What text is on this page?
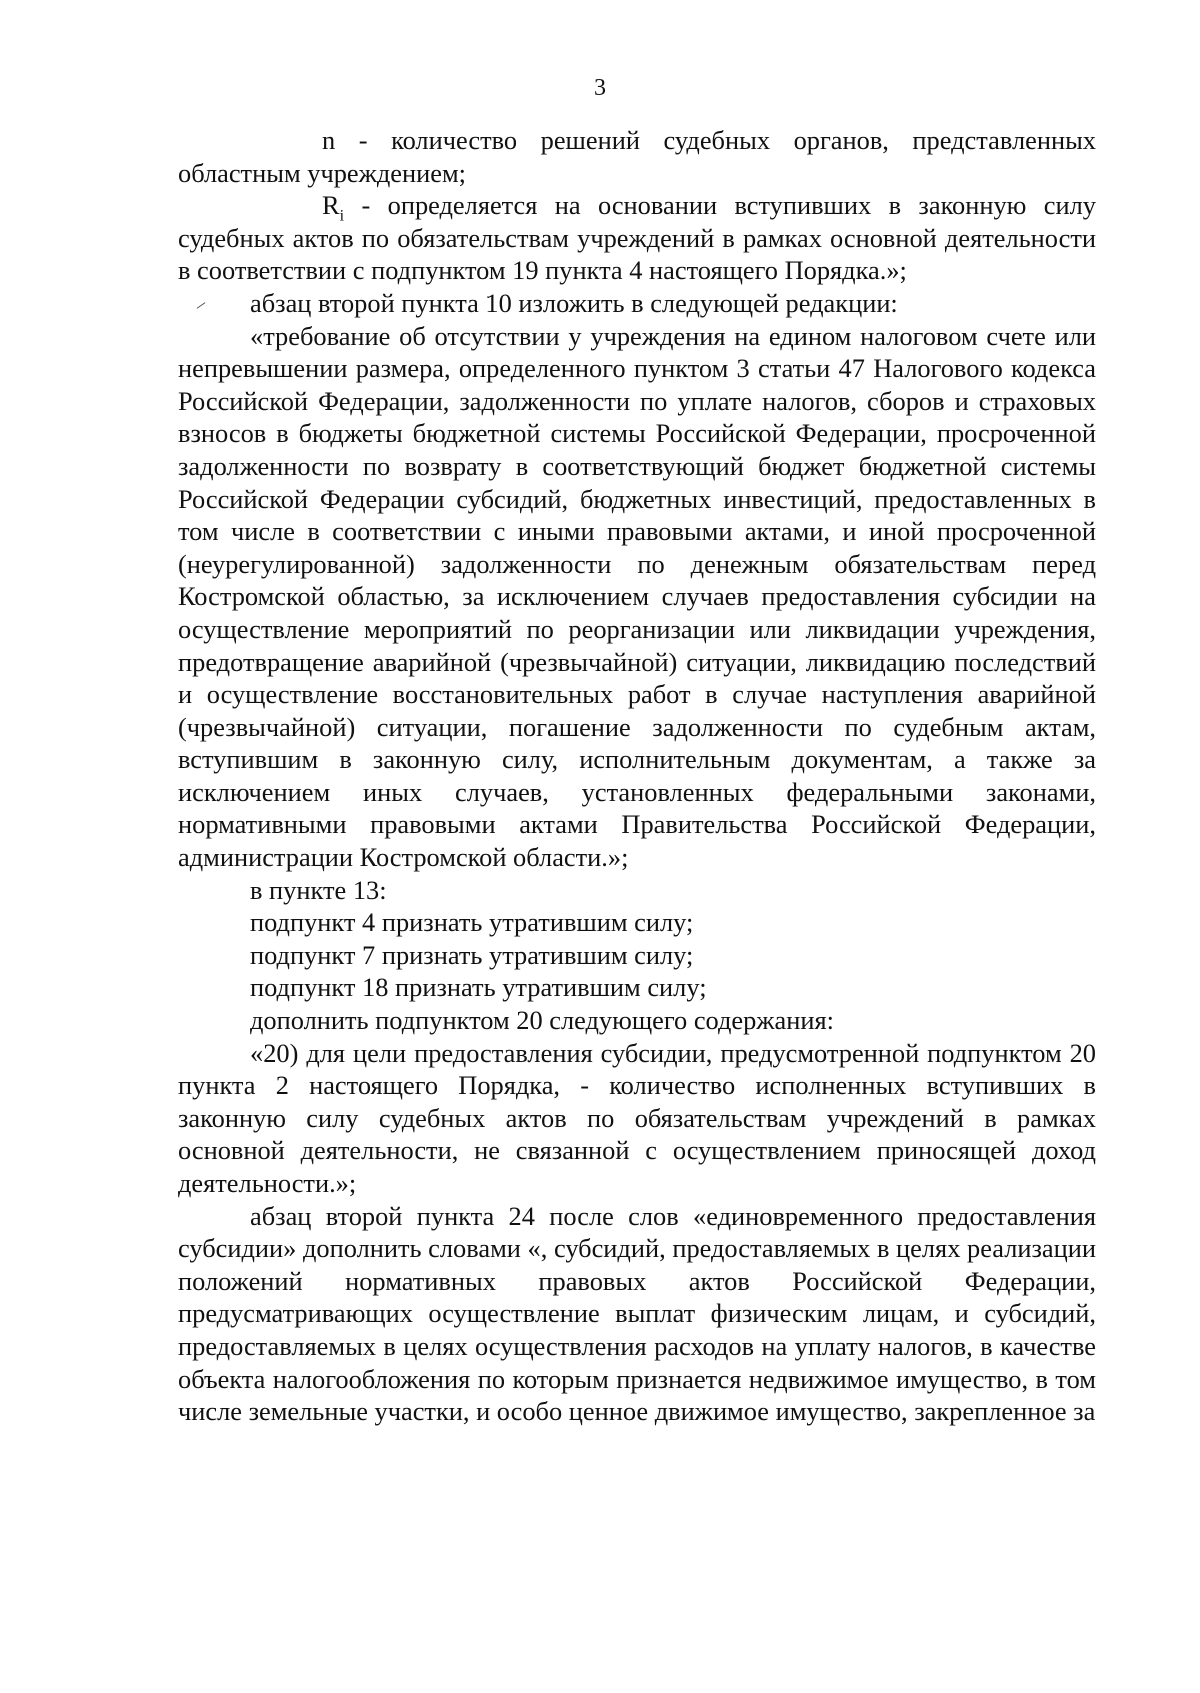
3

n - количество решений судебных органов, представленных областным учреждением;

$R_i$ - определяется на основании вступивших в законную силу судебных актов по обязательствам учреждений в рамках основной деятельности в соответствии с подпунктом 19 пункта 4 настоящего Порядка.»;

абзац второй пункта 10 изложить в следующей редакции:

«требование об отсутствии у учреждения на едином налоговом счете или непревышении размера, определенного пунктом 3 статьи 47 Налогового кодекса Российской Федерации, задолженности по уплате налогов, сборов и страховых взносов в бюджеты бюджетной системы Российской Федерации, просроченной задолженности по возврату в соответствующий бюджет бюджетной системы Российской Федерации субсидий, бюджетных инвестиций, предоставленных в том числе в соответствии с иными правовыми актами, и иной просроченной (неурегулированной) задолженности по денежным обязательствам перед Костромской областью, за исключением случаев предоставления субсидии на осуществление мероприятий по реорганизации или ликвидации учреждения, предотвращение аварийной (чрезвычайной) ситуации, ликвидацию последствий и осуществление восстановительных работ в случае наступления аварийной (чрезвычайной) ситуации, погашение задолженности по судебным актам, вступившим в законную силу, исполнительным документам, а также за исключением иных случаев, установленных федеральными законами, нормативными правовыми актами Правительства Российской Федерации, администрации Костромской области.»;

в пункте 13:

подпункт 4 признать утратившим силу;

подпункт 7 признать утратившим силу;

подпункт 18 признать утратившим силу;

дополнить подпунктом 20 следующего содержания:

«20) для цели предоставления субсидии, предусмотренной подпунктом 20 пункта 2 настоящего Порядка, - количество исполненных вступивших в законную силу судебных актов по обязательствам учреждений в рамках основной деятельности, не связанной с осуществлением приносящей доход деятельности.»;

абзац второй пункта 24 после слов «единовременного предоставления субсидии» дополнить словами «, субсидий, предоставляемых в целях реализации положений нормативных правовых актов Российской Федерации, предусматривающих осуществление выплат физическим лицам, и субсидий, предоставляемых в целях осуществления расходов на уплату налогов, в качестве объекта налогообложения по которым признается недвижимое имущество, в том числе земельные участки, и особо ценное движимое имущество, закрепленное за
